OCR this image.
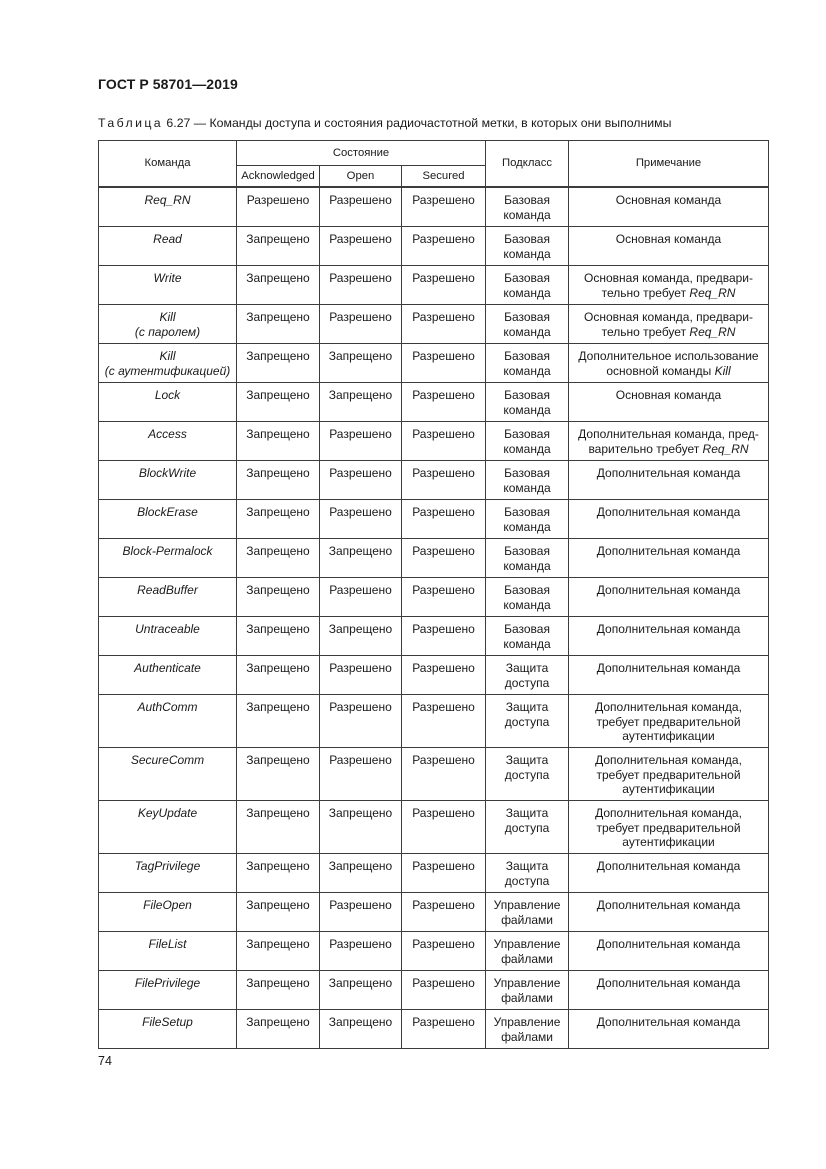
ГОСТ Р 58701—2019
Таблица 6.27 — Команды доступа и состояния радиочастотной метки, в которых они выполнимы
Команда	Состояние			Подкласс	Примечание
	Acknowledged	Open	Secured		
Req_RN	Разрешено	Разрешено	Разрешено	Базовая
команда	Основная команда
Read	Запрещено	Разрешено	Разрешено	Базовая
команда	Основная команда
Write	Запрещено	Разрешено	Разрешено	Базовая
команда	Основная команда, предвари-
тельно требует Req_RN
Kill
(с паролем)	Запрещено	Разрешено	Разрешено	Базовая
команда	Основная команда, предвари-
тельно требует Req_RN
Kill
(с аутентификацией)	Запрещено	Запрещено	Разрешено	Базовая
команда	Дополнительное использование
основной команды Kill
Lock	Запрещено	Запрещено	Разрешено	Базовая
команда	Основная команда
Access	Запрещено	Разрешено	Разрешено	Базовая
команда	Дополнительная команда, пред-
варительно требует Req_RN
BlockWrite	Запрещено	Разрешено	Разрешено	Базовая
команда	Дополнительная команда
BlockErase	Запрещено	Разрешено	Разрешено	Базовая
команда	Дополнительная команда
Block-Permalock	Запрещено	Запрещено	Разрешено	Базовая
команда	Дополнительная команда
ReadBuffer	Запрещено	Разрешено	Разрешено	Базовая
команда	Дополнительная команда
Untraceable	Запрещено	Запрещено	Разрешено	Базовая
команда	Дополнительная команда
Authenticate	Запрещено	Разрешено	Разрешено	Защита
доступа	Дополнительная команда
AuthComm	Запрещено	Разрешено	Разрешено	Защита
доступа	Дополнительная команда,
требует предварительной
аутентификации
SecureComm	Запрещено	Разрешено	Разрешено	Защита
доступа	Дополнительная команда,
требует предварительной
аутентификации
KeyUpdate	Запрещено	Запрещено	Разрешено	Защита
доступа	Дополнительная команда,
требует предварительной
аутентификации
TagPrivilege	Запрещено	Запрещено	Разрешено	Защита
доступа	Дополнительная команда
FileOpen	Запрещено	Разрешено	Разрешено	Управление
файлами	Дополнительная команда
FileList	Запрещено	Разрешено	Разрешено	Управление
файлами	Дополнительная команда
FilePrivilege	Запрещено	Запрещено	Разрешено	Управление
файлами	Дополнительная команда
FileSetup	Запрещено	Запрещено	Разрешено	Управление
файлами	Дополнительная команда
74
